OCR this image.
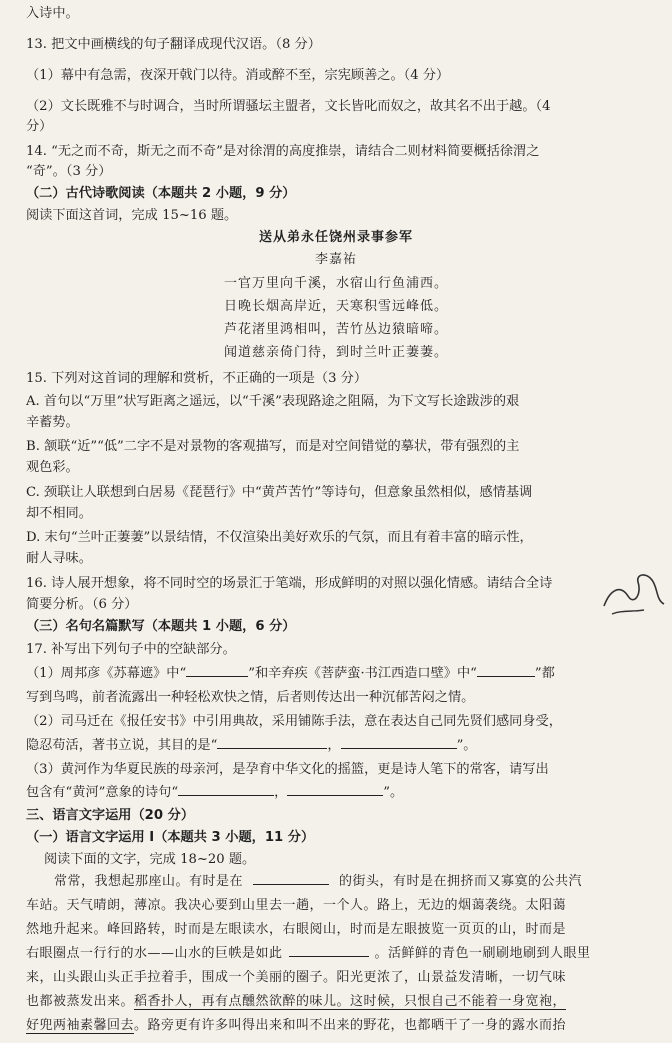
入诗中。
13. 把文中画横线的句子翻译成现代汉语。（8 分）
（1）幕中有急需，夜深开戟门以待。消或醉不至，宗宪顾善之。（4 分）
（2）文长既雅不与时调合，当时所谓骚坛主盟者，文长皆叱而奴之，故其名不出于越。（4
分）
14. “无之而不奇，斯无之而不奇”是对徐渭的高度推崇，请结合二则材料简要概括徐渭之
“奇”。（3 分）
（二）古代诗歌阅读（本题共 2 小题，9 分）
阅读下面这首词，完成 15~16 题。
送从弟永任饶州录事参军
李嘉祐
一官万里向千溪，水宿山行鱼浦西。
日晚长烟高岸近，天寒积雪远峰低。
芦花渚里鸿相叫，苦竹丛边猿暗啼。
闻道慈亲倚门待，到时兰叶正萋萋。
15. 下列对这首词的理解和赏析，不正确的一项是（3 分）
A. 首句以“万里”状写距离之遥远，以“千溪”表现路途之阻隔，为下文写长途跋涉的艰
辛蓄势。
B. 颔联“近”“低”二字不是对景物的客观描写，而是对空间错觉的摹状，带有强烈的主
观色彩。
C. 颈联让人联想到白居易《琵琶行》中“黄芦苦竹”等诗句，但意象虽然相似，感情基调
却不相同。
D. 末句“兰叶正萋萋”以景结情，不仅渲染出美好欢乐的气氛，而且有着丰富的暗示性，
耐人寻味。
16. 诗人展开想象，将不同时空的场景汇于笔端，形成鲜明的对照以强化情感。请结合全诗
简要分析。（6 分）
（三）名句名篇默写（本题共 1 小题，6 分）
17. 补写出下列句子中的空缺部分。
（1）周邦彦《苏幕遮》中“	”和辛弃疾《菩萨蛮·书江西造口壁》中“	”都
写到鸟鸣，前者流露出一种轻松欢快之情，后者则传达出一种沉郁苦闷之情。
（2）司马迁在《报任安书》中引用典故，采用铺陈手法，意在表达自己同先贤们感同身受，
隐忍苟活，著书立说，其目的是“	，	”。
（3）黄河作为华夏民族的母亲河，是孕育中华文化的摇篮，更是诗人笔下的常客，请写出
包含有“黄河”意象的诗句“	，	”。
三、语言文字运用（20 分）
（一）语言文字运用 I（本题共 3 小题，11 分）
阅读下面的文字，完成 18~20 题。
常常，我想起那座山。有时是在	的街头，有时是在拥挤而又寡寞的公共汽
车站。天气晴朗，薄凉。我决心要到山里去一趟，一个人。路上，无边的烟蔼袭绕。太阳蔼
然地升起来。峰回路转，时而是左眼读水，右眼阅山，时而是左眼披览一页页的山，时而是
右眼圈点一行行的水——山水的巨帙是如此	。活鲜鲜的青色一刷刷地刷到人眼里
来，山头跟山头正手拉着手，围成一个美丽的圈子。阳光更浓了，山景益发清晰，一切气味
也都被蒸发出来。稻香扑人，再有点醺然欲醉的味儿。这时候，只恨自己不能着一身宽袍，
好兜两袖素馨回去。路旁更有许多叫得出来和叫不出来的野花，也都晒干了一身的露水而抬
